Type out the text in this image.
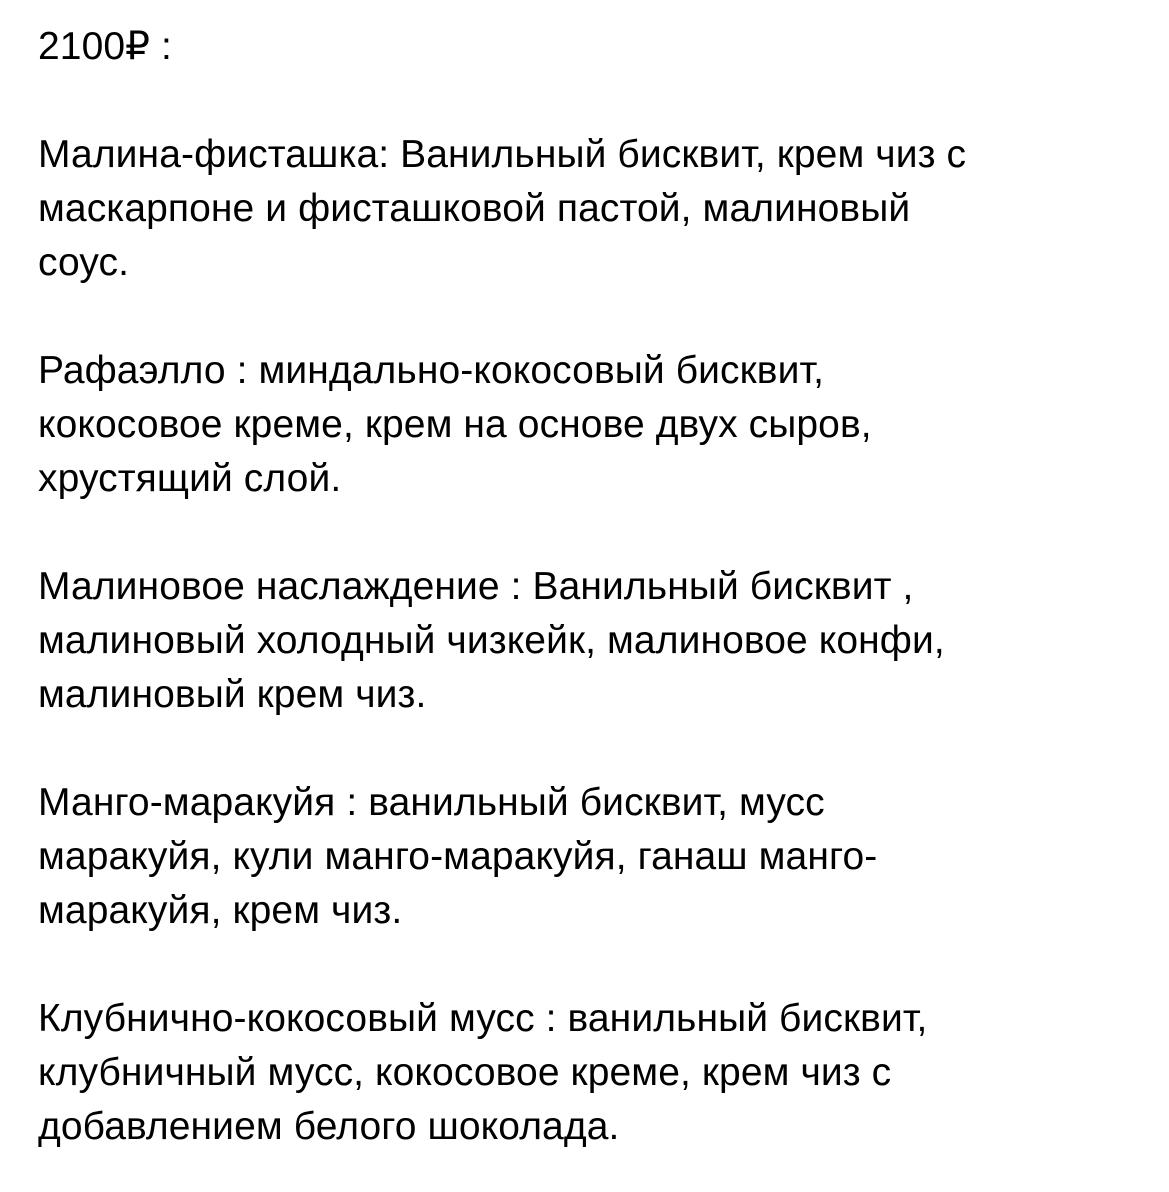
2100₽ :

Малина-фисташка: Ванильный бисквит, крем чиз с
маскарпоне и фисташковой пастой, малиновый
соус.

Рафаэлло : миндально-кокосовый бисквит,
кокосовое креме, крем на основе двух сыров,
хрустящий слой.

Малиновое наслаждение : Ванильный бисквит ,
малиновый холодный чизкейк, малиновое конфи,
малиновый крем чиз.

Манго-маракуйя : ванильный бисквит, мусс
маракуйя, кули манго-маракуйя, ганаш манго-
маракуйя, крем чиз.

Клубнично-кокосовый мусс : ванильный бисквит,
клубничный мусс, кокосовое креме, крем чиз с
добавлением белого шоколада.
